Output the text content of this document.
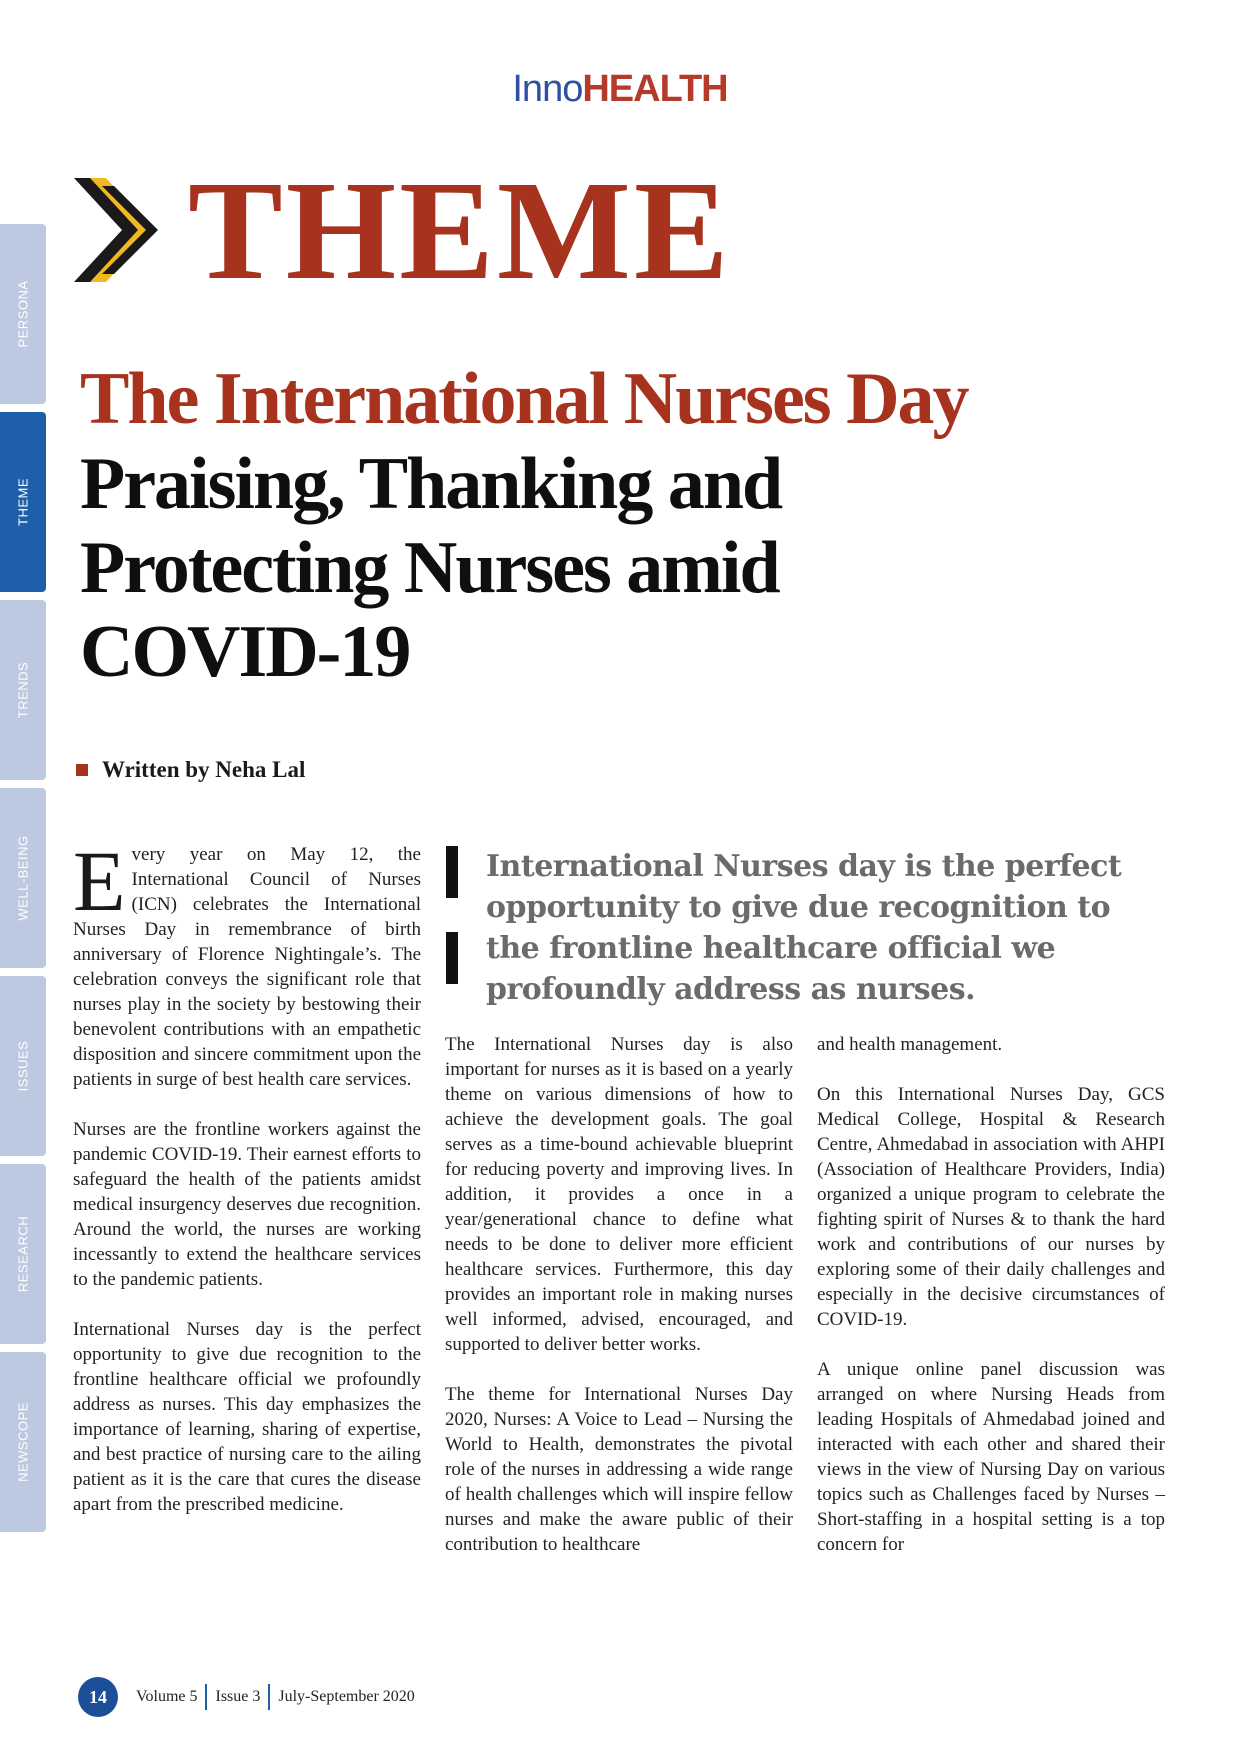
InnoHEALTH
PERSONA
THEME
TRENDS
WELL-BEING
ISSUES
RESEARCH
NEWSCOPE
THEME
The International Nurses Day
Praising, Thanking and
Protecting Nurses amid
COVID-19
Written by Neha Lal

Every year on May 12, the International Council of Nurses (ICN) celebrates the International Nurses Day in remembrance of birth anniversary of Florence Nightingale’s. The celebration conveys the significant role that nurses play in the society by bestowing their benevolent contributions with an empathetic disposition and sincere commitment upon the patients in surge of best health care services.

Nurses are the frontline workers against the pandemic COVID-19. Their earnest efforts to safeguard the health of the patients amidst medical insurgency deserves due recognition. Around the world, the nurses are working incessantly to extend the healthcare services to the pandemic patients.

International Nurses day is the perfect opportunity to give due recognition to the frontline healthcare official we profoundly address as nurses. This day emphasizes the importance of learning, sharing of expertise, and best practice of nursing care to the ailing patient as it is the care that cures the disease apart from the prescribed medicine.

International Nurses day is the perfect opportunity to give due recognition to the frontline healthcare official we profoundly address as nurses.

The International Nurses day is also important for nurses as it is based on a yearly theme on various dimensions of how to achieve the development goals. The goal serves as a time-bound achievable blueprint for reducing poverty and improving lives. In addition, it provides a once in a year/generational chance to define what needs to be done to deliver more efficient healthcare services. Furthermore, this day provides an important role in making nurses well informed, advised, encouraged, and supported to deliver better works.

The theme for International Nurses Day 2020, Nurses: A Voice to Lead – Nursing the World to Health, demonstrates the pivotal role of the nurses in addressing a wide range of health challenges which will inspire fellow nurses and make the aware public of their contribution to healthcare

and health management.

On this International Nurses Day, GCS Medical College, Hospital & Research Centre, Ahmedabad in association with AHPI (Association of Healthcare Providers, India) organized a unique program to celebrate the fighting spirit of Nurses & to thank the hard work and contributions of our nurses by exploring some of their daily challenges and especially in the decisive circumstances of COVID-19.

A unique online panel discussion was arranged on where Nursing Heads from leading Hospitals of Ahmedabad joined and interacted with each other and shared their views in the view of Nursing Day on various topics such as Challenges faced by Nurses – Short-staffing in a hospital setting is a top concern for

14	Volume 5 Issue 3 July-September 2020
